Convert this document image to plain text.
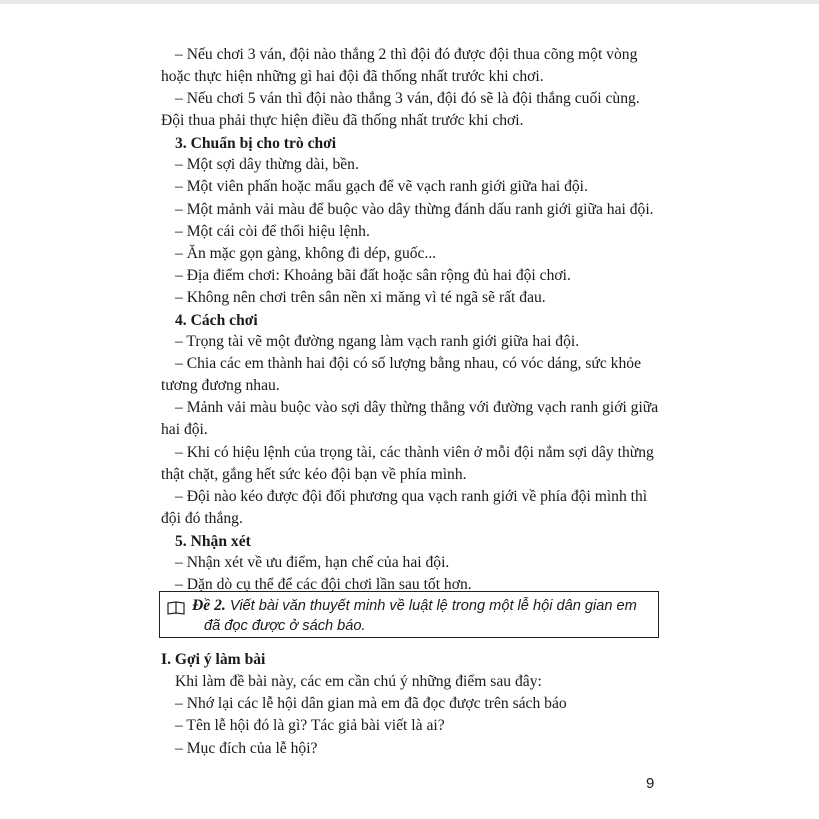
– Nếu chơi 3 ván, đội nào thắng 2 thì đội đó được đội thua cõng một vòng
hoặc thực hiện những gì hai đội đã thống nhất trước khi chơi.
– Nếu chơi 5 ván thì đội nào thắng 3 ván, đội đó sẽ là đội thắng cuối cùng.
Đội thua phải thực hiện điều đã thống nhất trước khi chơi.
3. Chuẩn bị cho trò chơi
– Một sợi dây thừng dài, bền.
– Một viên phấn hoặc mẩu gạch để vẽ vạch ranh giới giữa hai đội.
– Một mảnh vải màu để buộc vào dây thừng đánh dấu ranh giới giữa hai đội.
– Một cái còi để thổi hiệu lệnh.
– Ăn mặc gọn gàng, không đi dép, guốc...
– Địa điểm chơi: Khoảng bãi đất hoặc sân rộng đủ hai đội chơi.
– Không nên chơi trên sân nền xi măng vì té ngã sẽ rất đau.
4. Cách chơi
– Trọng tài vẽ một đường ngang làm vạch ranh giới giữa hai đội.
– Chia các em thành hai đội có số lượng bằng nhau, có vóc dáng, sức khỏe
tương đương nhau.
– Mảnh vải màu buộc vào sợi dây thừng thẳng với đường vạch ranh giới giữa
hai đội.
– Khi có hiệu lệnh của trọng tài, các thành viên ở mỗi đội nắm sợi dây thừng
thật chặt, gắng hết sức kéo đội bạn về phía mình.
– Đội nào kéo được đội đối phương qua vạch ranh giới về phía đội mình thì
đội đó thắng.
5. Nhận xét
– Nhận xét về ưu điểm, hạn chế của hai đội.
– Dặn dò cụ thể để các đội chơi lần sau tốt hơn.
Đề 2. Viết bài văn thuyết minh về luật lệ trong một lễ hội dân gian em
đã đọc được ở sách báo.
I. Gợi ý làm bài
Khi làm đề bài này, các em cần chú ý những điểm sau đây:
– Nhớ lại các lễ hội dân gian mà em đã đọc được trên sách báo
– Tên lễ hội đó là gì? Tác giả bài viết là ai?
– Mục đích của lễ hội?
9
